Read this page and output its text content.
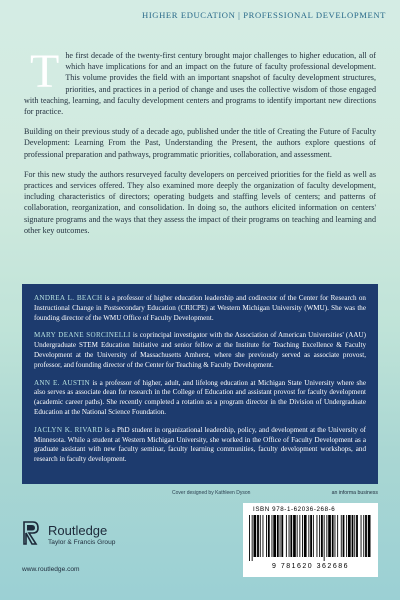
HIGHER EDUCATION | PROFESSIONAL DEVELOPMENT

The first decade of the twenty-first century brought major challenges to higher education, all of which have implications for and an impact on the future of faculty professional development. This volume provides the field with an important snapshot of faculty development structures, priorities, and practices in a period of change and uses the collective wisdom of those engaged with teaching, learning, and faculty development centers and programs to identify important new directions for practice.

Building on their previous study of a decade ago, published under the title of Creating the Future of Faculty Development: Learning From the Past, Understanding the Present, the authors explore questions of professional preparation and pathways, programmatic priorities, collaboration, and assessment.

For this new study the authors resurveyed faculty developers on perceived priorities for the field as well as practices and services offered. They also examined more deeply the organization of faculty development, including characteristics of directors; operating budgets and staffing levels of centers; and patterns of collaboration, reorganization, and consolidation. In doing so, the authors elicited information on centers' signature programs and the ways that they assess the impact of their programs on teaching and learning and other key outcomes.

ANDREA L. BEACH is a professor of higher education leadership and codirector of the Center for Research on Instructional Change in Postsecondary Education (CRICPE) at Western Michigan University (WMU). She was the founding director of the WMU Office of Faculty Development.

MARY DEANE SORCINELLI is coprincipal investigator with the Association of American Universities' (AAU) Undergraduate STEM Education Initiative and senior fellow at the Institute for Teaching Excellence & Faculty Development at the University of Massachusetts Amherst, where she previously served as associate provost, professor, and founding director of the Center for Teaching & Faculty Development.

ANN E. AUSTIN is a professor of higher, adult, and lifelong education at Michigan State University where she also serves as associate dean for research in the College of Education and assistant provost for faculty development (academic career paths). She recently completed a rotation as a program director in the Division of Undergraduate Education at the National Science Foundation.

JACLYN K. RIVARD is a PhD student in organizational leadership, policy, and development at the University of Minnesota. While a student at Western Michigan University, she worked in the Office of Faculty Development as a graduate assistant with new faculty seminar, faculty learning communities, faculty development workshops, and research in faculty development.

Cover designed by Kathleen Dyson
Routledge
Taylor & Francis Group
www.routledge.com
an informa business
ISBN 978-1-62036-268-6
9 781620 362686
